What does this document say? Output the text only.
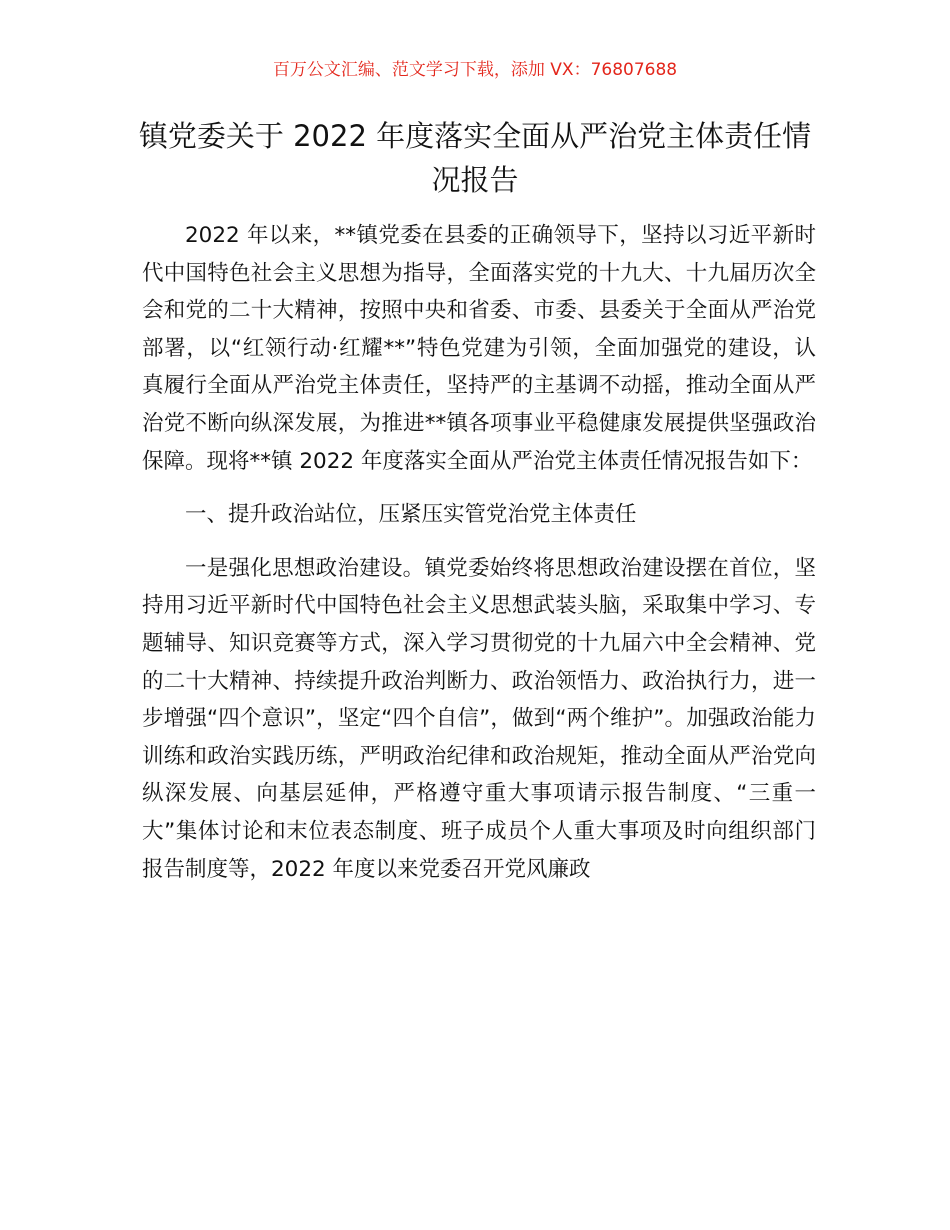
百万公文汇编、范文学习下载，添加 VX：76807688
镇党委关于 2022 年度落实全面从严治党主体责任情况报告

2022 年以来，**镇党委在县委的正确领导下，坚持以习近平新时代中国特色社会主义思想为指导，全面落实党的十九大、十九届历次全会和党的二十大精神，按照中央和省委、市委、县委关于全面从严治党部署，以“红领行动·红耀**”特色党建为引领，全面加强党的建设，认真履行全面从严治党主体责任，坚持严的主基调不动摇，推动全面从严治党不断向纵深发展，为推进**镇各项事业平稳健康发展提供坚强政治保障。现将**镇 2022 年度落实全面从严治党主体责任情况报告如下：

一、提升政治站位，压紧压实管党治党主体责任

一是强化思想政治建设。镇党委始终将思想政治建设摆在首位，坚持用习近平新时代中国特色社会主义思想武装头脑，采取集中学习、专题辅导、知识竞赛等方式，深入学习贯彻党的十九届六中全会精神、党的二十大精神、持续提升政治判断力、政治领悟力、政治执行力，进一步增强“四个意识”，坚定“四个自信”，做到“两个维护”。加强政治能力训练和政治实践历练，严明政治纪律和政治规矩，推动全面从严治党向纵深发展、向基层延伸，严格遵守重大事项请示报告制度、“三重一大”集体讨论和末位表态制度、班子成员个人重大事项及时向组织部门报告制度等，2022 年度以来党委召开党风廉政
